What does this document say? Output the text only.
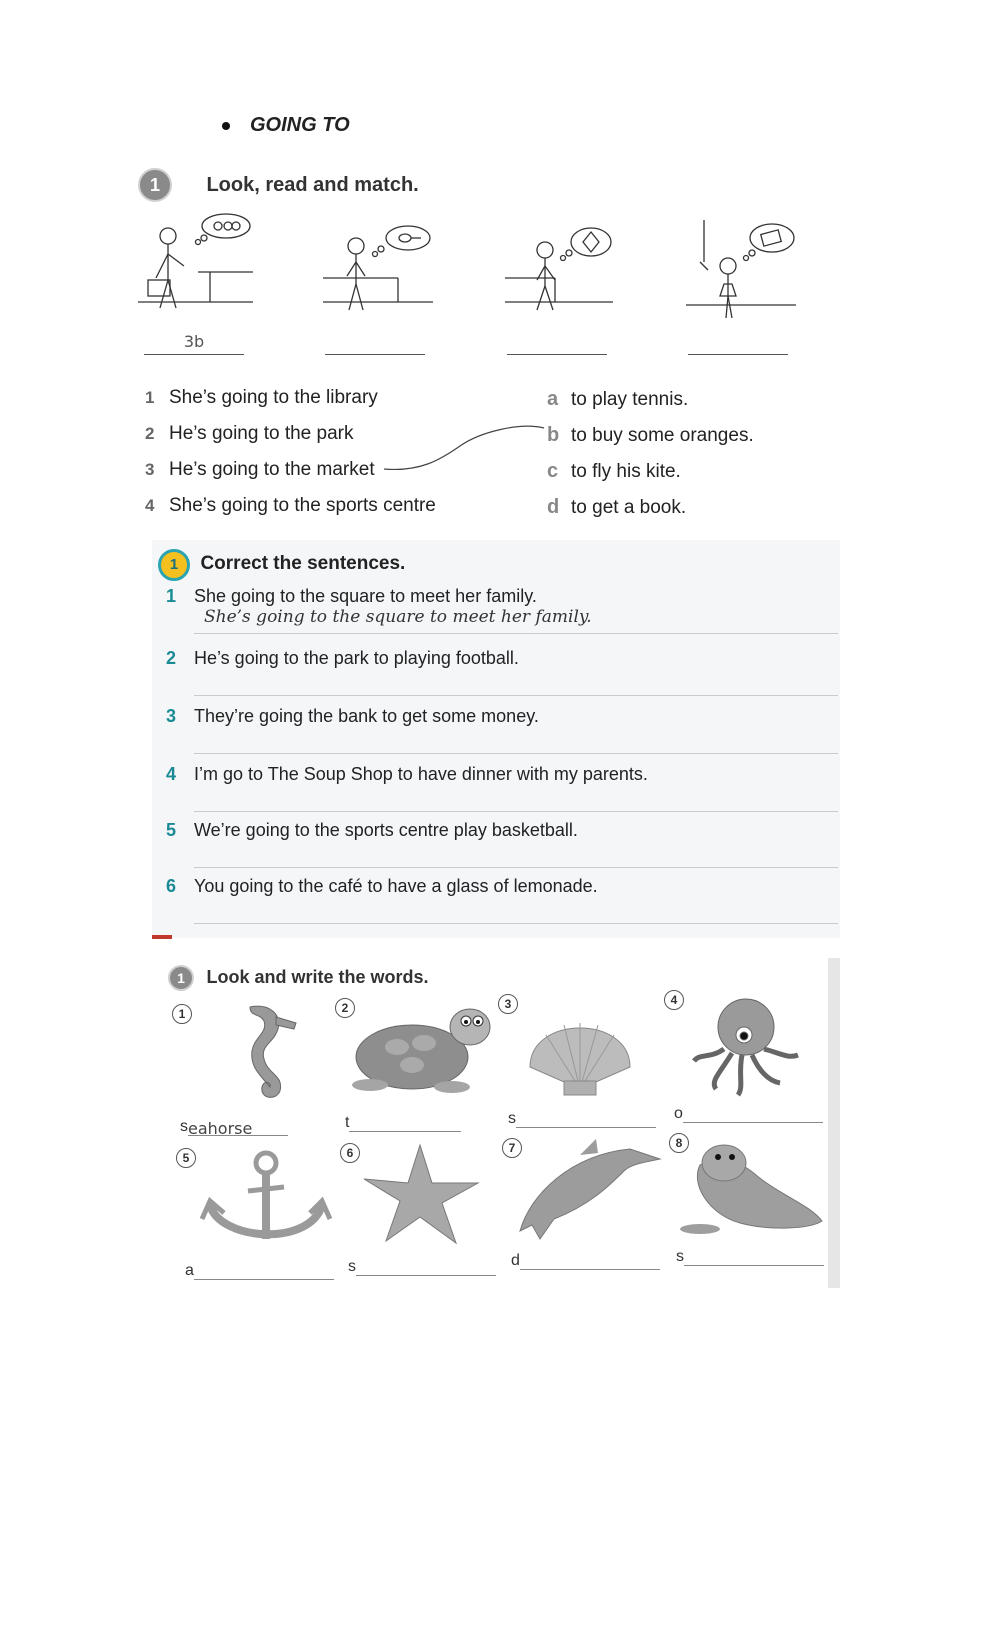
GOING TO
1 Look, read and match.
3b
1 She’s going to the library
2 He’s going to the park
3 He’s going to the market
4 She’s going to the sports centre
a to play tennis.
b to buy some oranges.
c to fly his kite.
d to get a book.
1 Correct the sentences.
1 She going to the square to meet her family.
She’s going to the square to meet her family.
2 He’s going to the park to playing football.
3 They’re going the bank to get some money.
4 I’m go to The Soup Shop to have dinner with my parents.
5 We’re going to the sports centre play basketball.
6 You going to the café to have a glass of lemonade.
1 Look and write the words.
1	2	3	4
seahorse	t	s	o
5	6	7	8
a	s	d	s
